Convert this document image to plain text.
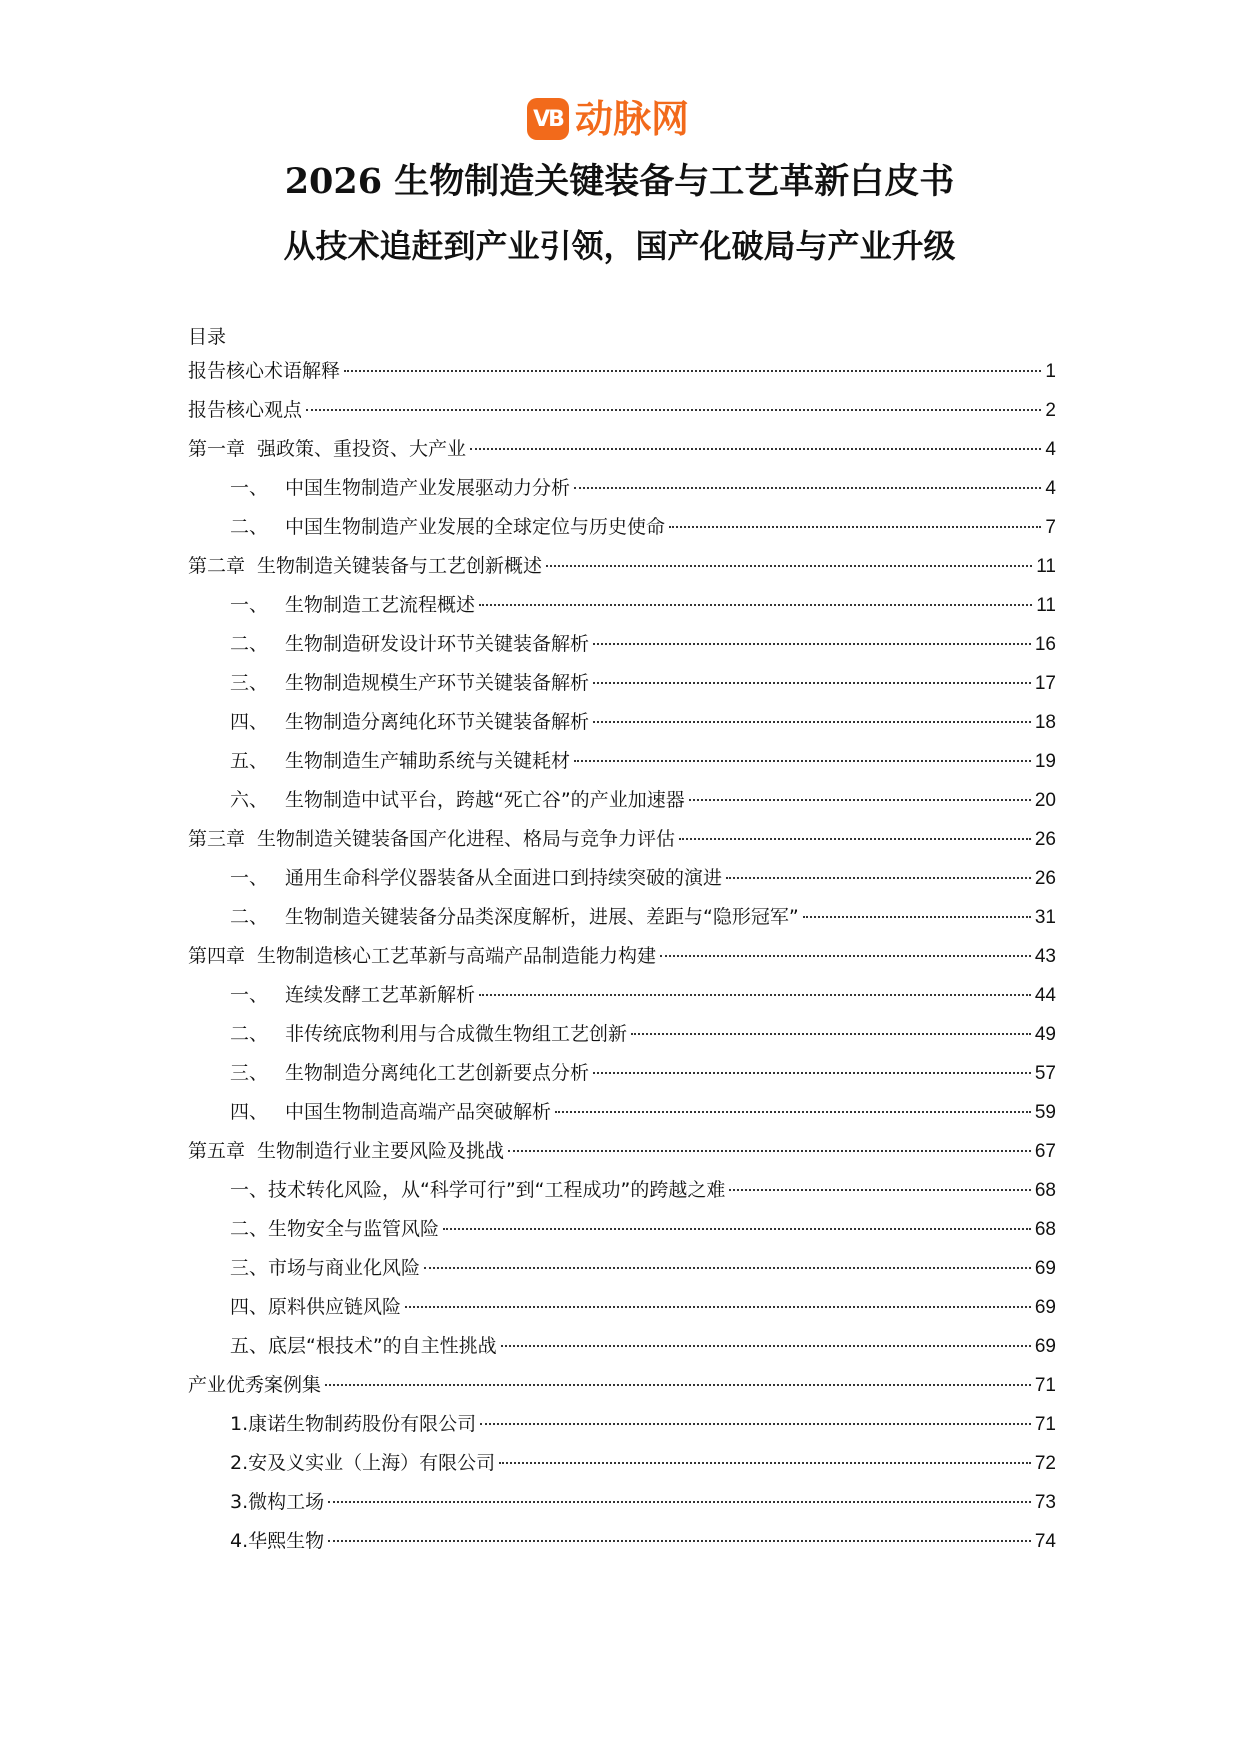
VB 动脉网
2026 生物制造关键装备与工艺革新白皮书
从技术追赶到产业引领，国产化破局与产业升级
目录
报告核心术语解释	1
报告核心观点	2
第一章 强政策、重投资、大产业	4
一、 中国生物制造产业发展驱动力分析	4
二、 中国生物制造产业发展的全球定位与历史使命	7
第二章 生物制造关键装备与工艺创新概述	11
一、 生物制造工艺流程概述	11
二、 生物制造研发设计环节关键装备解析	16
三、 生物制造规模生产环节关键装备解析	17
四、 生物制造分离纯化环节关键装备解析	18
五、 生物制造生产辅助系统与关键耗材	19
六、 生物制造中试平台，跨越“死亡谷”的产业加速器	20
第三章 生物制造关键装备国产化进程、格局与竞争力评估	26
一、 通用生命科学仪器装备从全面进口到持续突破的演进	26
二、 生物制造关键装备分品类深度解析，进展、差距与“隐形冠军”	31
第四章 生物制造核心工艺革新与高端产品制造能力构建	43
一、 连续发酵工艺革新解析	44
二、 非传统底物利用与合成微生物组工艺创新	49
三、 生物制造分离纯化工艺创新要点分析	57
四、 中国生物制造高端产品突破解析	59
第五章 生物制造行业主要风险及挑战	67
一、技术转化风险，从“科学可行”到“工程成功”的跨越之难	68
二、生物安全与监管风险	68
三、市场与商业化风险	69
四、原料供应链风险	69
五、底层“根技术”的自主性挑战	69
产业优秀案例集	71
1.康诺生物制药股份有限公司	71
2.安及义实业（上海）有限公司	72
3.微构工场	73
4.华熙生物	74
